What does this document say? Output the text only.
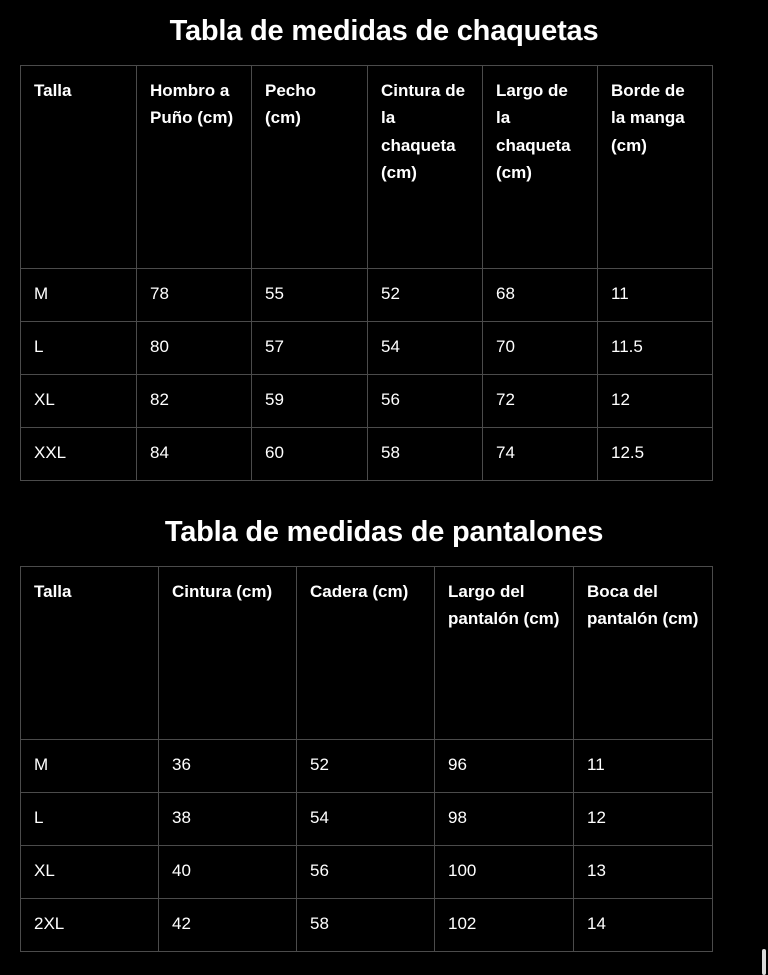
Tabla de medidas de chaquetas
Talla	Hombro a Puño (cm)	Pecho (cm)	Cintura de la chaqueta (cm)	Largo de la chaqueta (cm)	Borde de la manga (cm)
M	78	55	52	68	11
L	80	57	54	70	11.5
XL	82	59	56	72	12
XXL	84	60	58	74	12.5
Tabla de medidas de pantalones
Talla	Cintura (cm)	Cadera (cm)	Largo del pantalón (cm)	Boca del pantalón (cm)
M	36	52	96	11
L	38	54	98	12
XL	40	56	100	13
2XL	42	58	102	14
